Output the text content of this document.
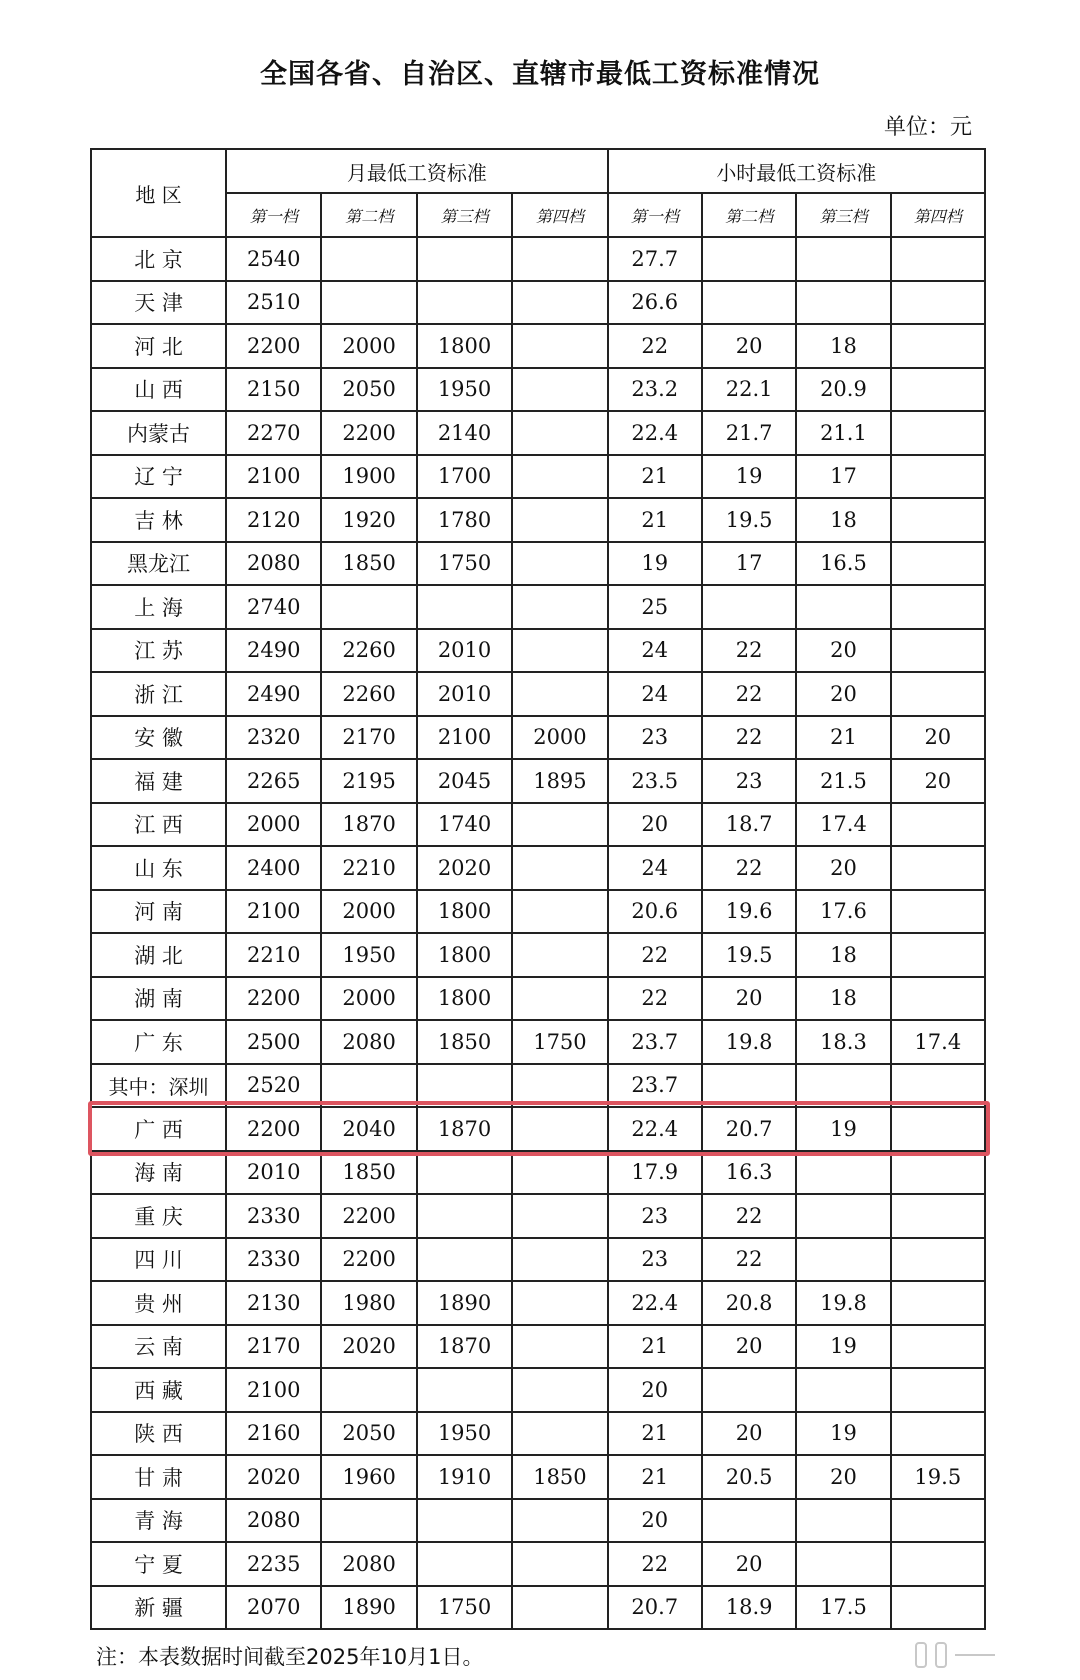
全国各省、自治区、直辖市最低工资标准情况
单位：元
地 区	月最低工资标准				小时最低工资标准			
	第一档	第二档	第三档	第四档	第一档	第二档	第三档	第四档
北 京	2540				27.7			
天 津	2510				26.6			
河 北	2200	2000	1800		22	20	18	
山 西	2150	2050	1950		23.2	22.1	20.9	
内蒙古	2270	2200	2140		22.4	21.7	21.1	
辽 宁	2100	1900	1700		21	19	17	
吉 林	2120	1920	1780		21	19.5	18	
黑龙江	2080	1850	1750		19	17	16.5	
上 海	2740				25			
江 苏	2490	2260	2010		24	22	20	
浙 江	2490	2260	2010		24	22	20	
安 徽	2320	2170	2100	2000	23	22	21	20
福 建	2265	2195	2045	1895	23.5	23	21.5	20
江 西	2000	1870	1740		20	18.7	17.4	
山 东	2400	2210	2020		24	22	20	
河 南	2100	2000	1800		20.6	19.6	17.6	
湖 北	2210	1950	1800		22	19.5	18	
湖 南	2200	2000	1800		22	20	18	
广 东	2500	2080	1850	1750	23.7	19.8	18.3	17.4
其中：深圳	2520				23.7			
广 西	2200	2040	1870		22.4	20.7	19	
海 南	2010	1850			17.9	16.3		
重 庆	2330	2200			23	22		
四 川	2330	2200			23	22		
贵 州	2130	1980	1890		22.4	20.8	19.8	
云 南	2170	2020	1870		21	20	19	
西 藏	2100				20			
陕 西	2160	2050	1950		21	20	19	
甘 肃	2020	1960	1910	1850	21	20.5	20	19.5
青 海	2080				20			
宁 夏	2235	2080			22	20		
新 疆	2070	1890	1750		20.7	18.9	17.5	
注：本表数据时间截至2025年10月1日。
